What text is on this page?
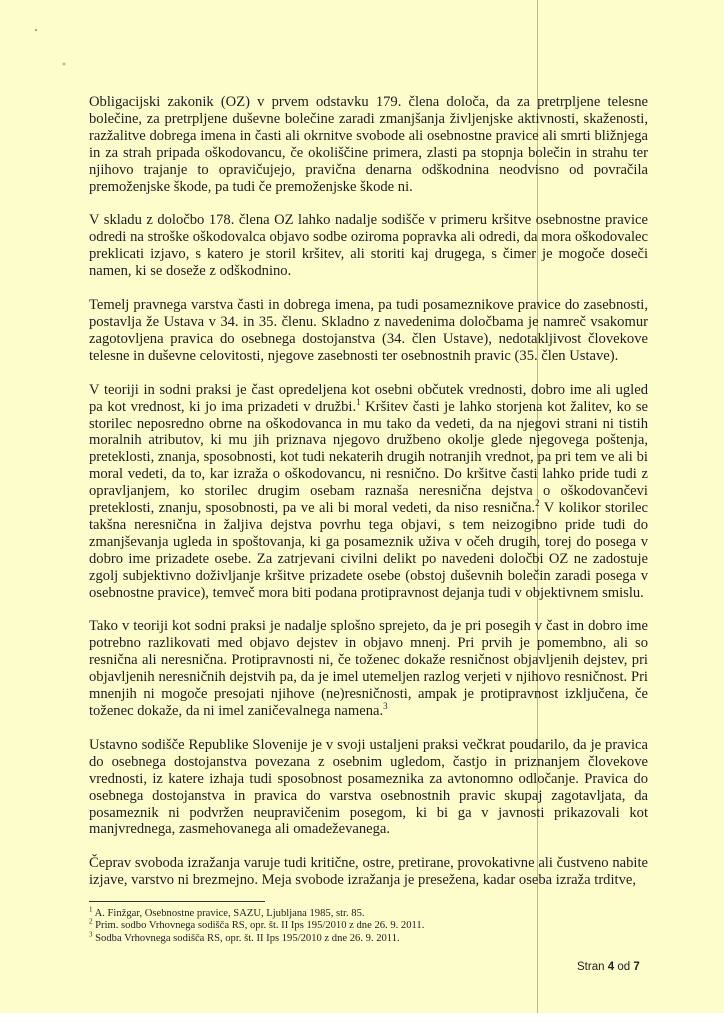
Obligacijski zakonik (OZ) v prvem odstavku 179. člena določa, da za pretrpljene telesne bolečine, za pretrpljene duševne bolečine zaradi zmanjšanja življenjske aktivnosti, skaženosti, razžalitve dobrega imena in časti ali okrnitve svobode ali osebnostne pravice ali smrti bližnjega in za strah pripada oškodovancu, če okoliščine primera, zlasti pa stopnja bolečin in strahu ter njihovo trajanje to opravičujejo, pravična denarna odškodnina neodvisno od povračila premoženjske škode, pa tudi če premoženjske škode ni.

V skladu z določbo 178. člena OZ lahko nadalje sodišče v primeru kršitve osebnostne pravice odredi na stroške oškodovalca objavo sodbe oziroma popravka ali odredi, da mora oškodovalec preklicati izjavo, s katero je storil kršitev, ali storiti kaj drugega, s čimer je mogoče doseči namen, ki se doseže z odškodnino.

Temelj pravnega varstva časti in dobrega imena, pa tudi posameznikove pravice do zasebnosti, postavlja že Ustava v 34. in 35. členu. Skladno z navedenima določbama je namreč vsakomur zagotovljena pravica do osebnega dostojanstva (34. člen Ustave), nedotakljivost človekove telesne in duševne celovitosti, njegove zasebnosti ter osebnostnih pravic (35. člen Ustave).

V teoriji in sodni praksi je čast opredeljena kot osebni občutek vrednosti, dobro ime ali ugled pa kot vrednost, ki jo ima prizadeti v družbi.$^1$ Kršitev časti je lahko storjena kot žalitev, ko se storilec neposredno obrne na oškodovanca in mu tako da vedeti, da na njegovi strani ni tistih moralnih atributov, ki mu jih priznava njegovo družbeno okolje glede njegovega poštenja, preteklosti, znanja, sposobnosti, kot tudi nekaterih drugih notranjih vrednot, pa pri tem ve ali bi moral vedeti, da to, kar izraža o oškodovancu, ni resnično. Do kršitve časti lahko pride tudi z opravljanjem, ko storilec drugim osebam raznaša neresnična dejstva o oškodovančevi preteklosti, znanju, sposobnosti, pa ve ali bi moral vedeti, da niso resnična.$^2$ V kolikor storilec takšna neresnična in žaljiva dejstva povrhu tega objavi, s tem neizogibno pride tudi do zmanjševanja ugleda in spoštovanja, ki ga posameznik uživa v očeh drugih, torej do posega v dobro ime prizadete osebe. Za zatrjevani civilni delikt po navedeni določbi OZ ne zadostuje zgolj subjektivno doživljanje kršitve prizadete osebe (obstoj duševnih bolečin zaradi posega v osebnostne pravice), temveč mora biti podana protipravnost dejanja tudi v objektivnem smislu.

Tako v teoriji kot sodni praksi je nadalje splošno sprejeto, da je pri posegih v čast in dobro ime potrebno razlikovati med objavo dejstev in objavo mnenj. Pri prvih je pomembno, ali so resnična ali neresnična. Protipravnosti ni, če toženec dokaže resničnost objavljenih dejstev, pri objavljenih neresničnih dejstvih pa, da je imel utemeljen razlog verjeti v njihovo resničnost. Pri mnenjih ni mogoče presojati njihove (ne)resničnosti, ampak je protipravnost izključena, če toženec dokaže, da ni imel zaničevalnega namena.$^3$

Ustavno sodišče Republike Slovenije je v svoji ustaljeni praksi večkrat poudarilo, da je pravica do osebnega dostojanstva povezana z osebnim ugledom, častjo in priznanjem človekove vrednosti, iz katere izhaja tudi sposobnost posameznika za avtonomno odločanje. Pravica do osebnega dostojanstva in pravica do varstva osebnostnih pravic skupaj zagotavljata, da posameznik ni podvržen neupravičenim posegom, ki bi ga v javnosti prikazovali kot manjvrednega, zasmehovanega ali omadeževanega.

Čeprav svoboda izražanja varuje tudi kritične, ostre, pretirane, provokativne ali čustveno nabite izjave, varstvo ni brezmejno. Meja svobode izražanja je presežena, kadar oseba izraža trditve,

$^1$ A. Finžgar, Osebnostne pravice, SAZU, Ljubljana 1985, str. 85.
$^2$ Prim. sodbo Vrhovnega sodišča RS, opr. št. II Ips 195/2010 z dne 26. 9. 2011.
$^3$ Sodba Vrhovnega sodišča RS, opr. št. II Ips 195/2010 z dne 26. 9. 2011.
Stran 4 od 7
